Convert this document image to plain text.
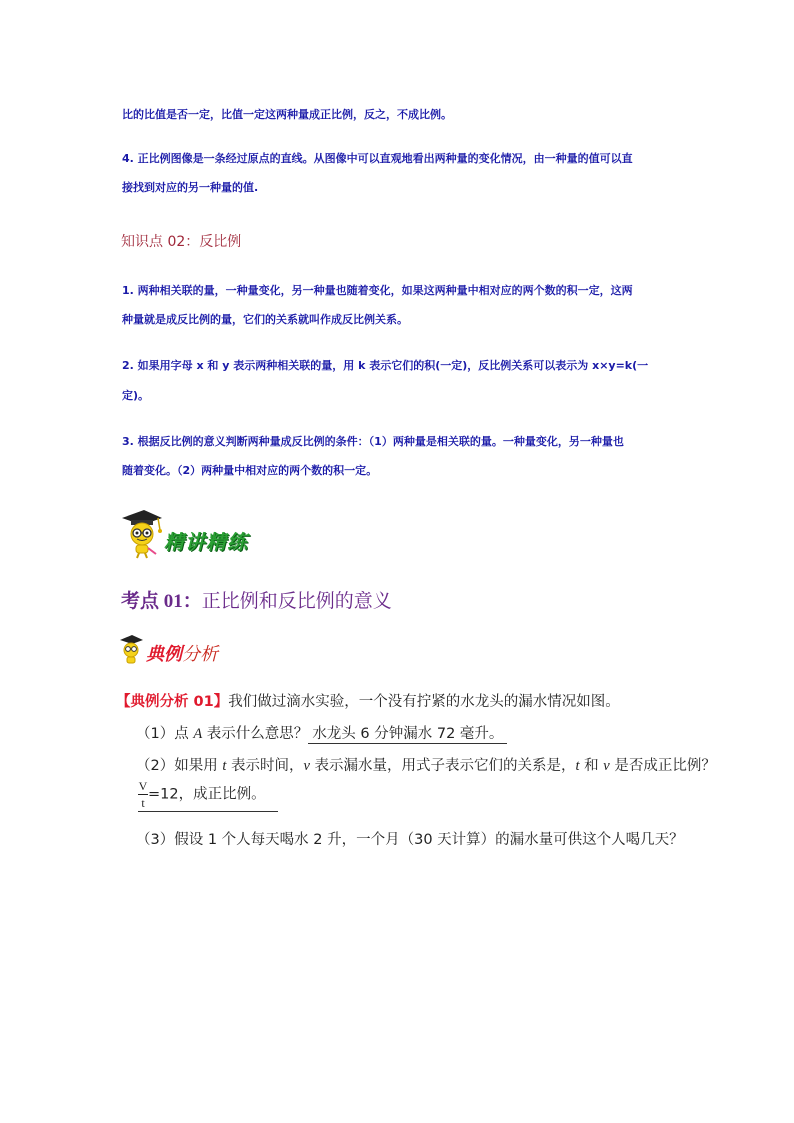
比的比值是否一定，比值一定这两种量成正比例，反之，不成比例。
4. 正比例图像是一条经过原点的直线。从图像中可以直观地看出两种量的变化情况，由一种量的值可以直
接找到对应的另一种量的值.
知识点 02：反比例
1. 两种相关联的量，一种量变化，另一种量也随着变化，如果这两种量中相对应的两个数的积一定，这两
种量就是成反比例的量，它们的关系就叫作成反比例关系。
2. 如果用字母 x 和 y 表示两种相关联的量，用 k 表示它们的积(一定)，反比例关系可以表示为 x×y=k(一
定)。
3. 根据反比例的意义判断两种量成反比例的条件：（1）两种量是相关联的量。一种量变化，另一种量也
随着变化。（2）两种量中相对应的两个数的积一定。
精讲精练
考点 01：正比例和反比例的意义
典例分析
【典例分析 01】我们做过滴水实验，一个没有拧紧的水龙头的漏水情况如图。
（1）点 A 表示什么意思？ 水龙头 6 分钟漏水 72 毫升。
（2）如果用 t 表示时间，v 表示漏水量，用式子表示它们的关系是，t 和 v 是否成正比例？
$\frac{V}{t} =12$，成正比例。
（3）假设 1 个人每天喝水 2 升，一个月（30 天计算）的漏水量可供这个人喝几天？
